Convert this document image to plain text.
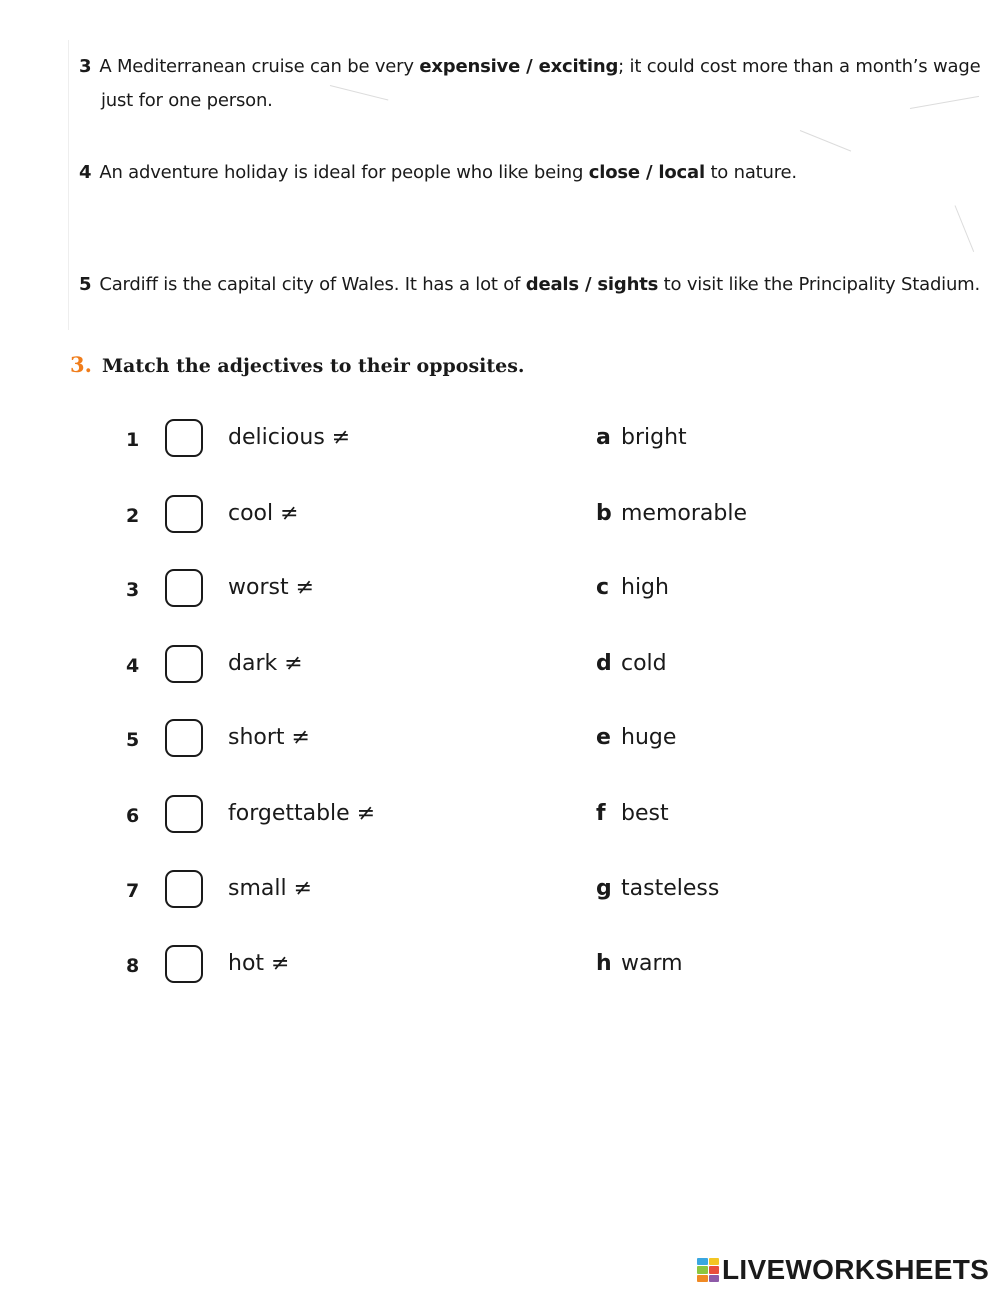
3 A Mediterranean cruise can be very expensive / exciting; it could cost more than a month’s wage
just for one person.
4 An adventure holiday is ideal for people who like being close / local to nature.
5 Cardiff is the capital city of Wales. It has a lot of deals / sights to visit like the Principality Stadium.
3. Match the adjectives to their opposites.
1	delicious ≠	a bright
2	cool ≠	b memorable
3	worst ≠	c high
4	dark ≠	d cold
5	short ≠	e huge
6	forgettable ≠	f best
7	small ≠	g tasteless
8	hot ≠	h warm
LIVEWORKSHEETS
